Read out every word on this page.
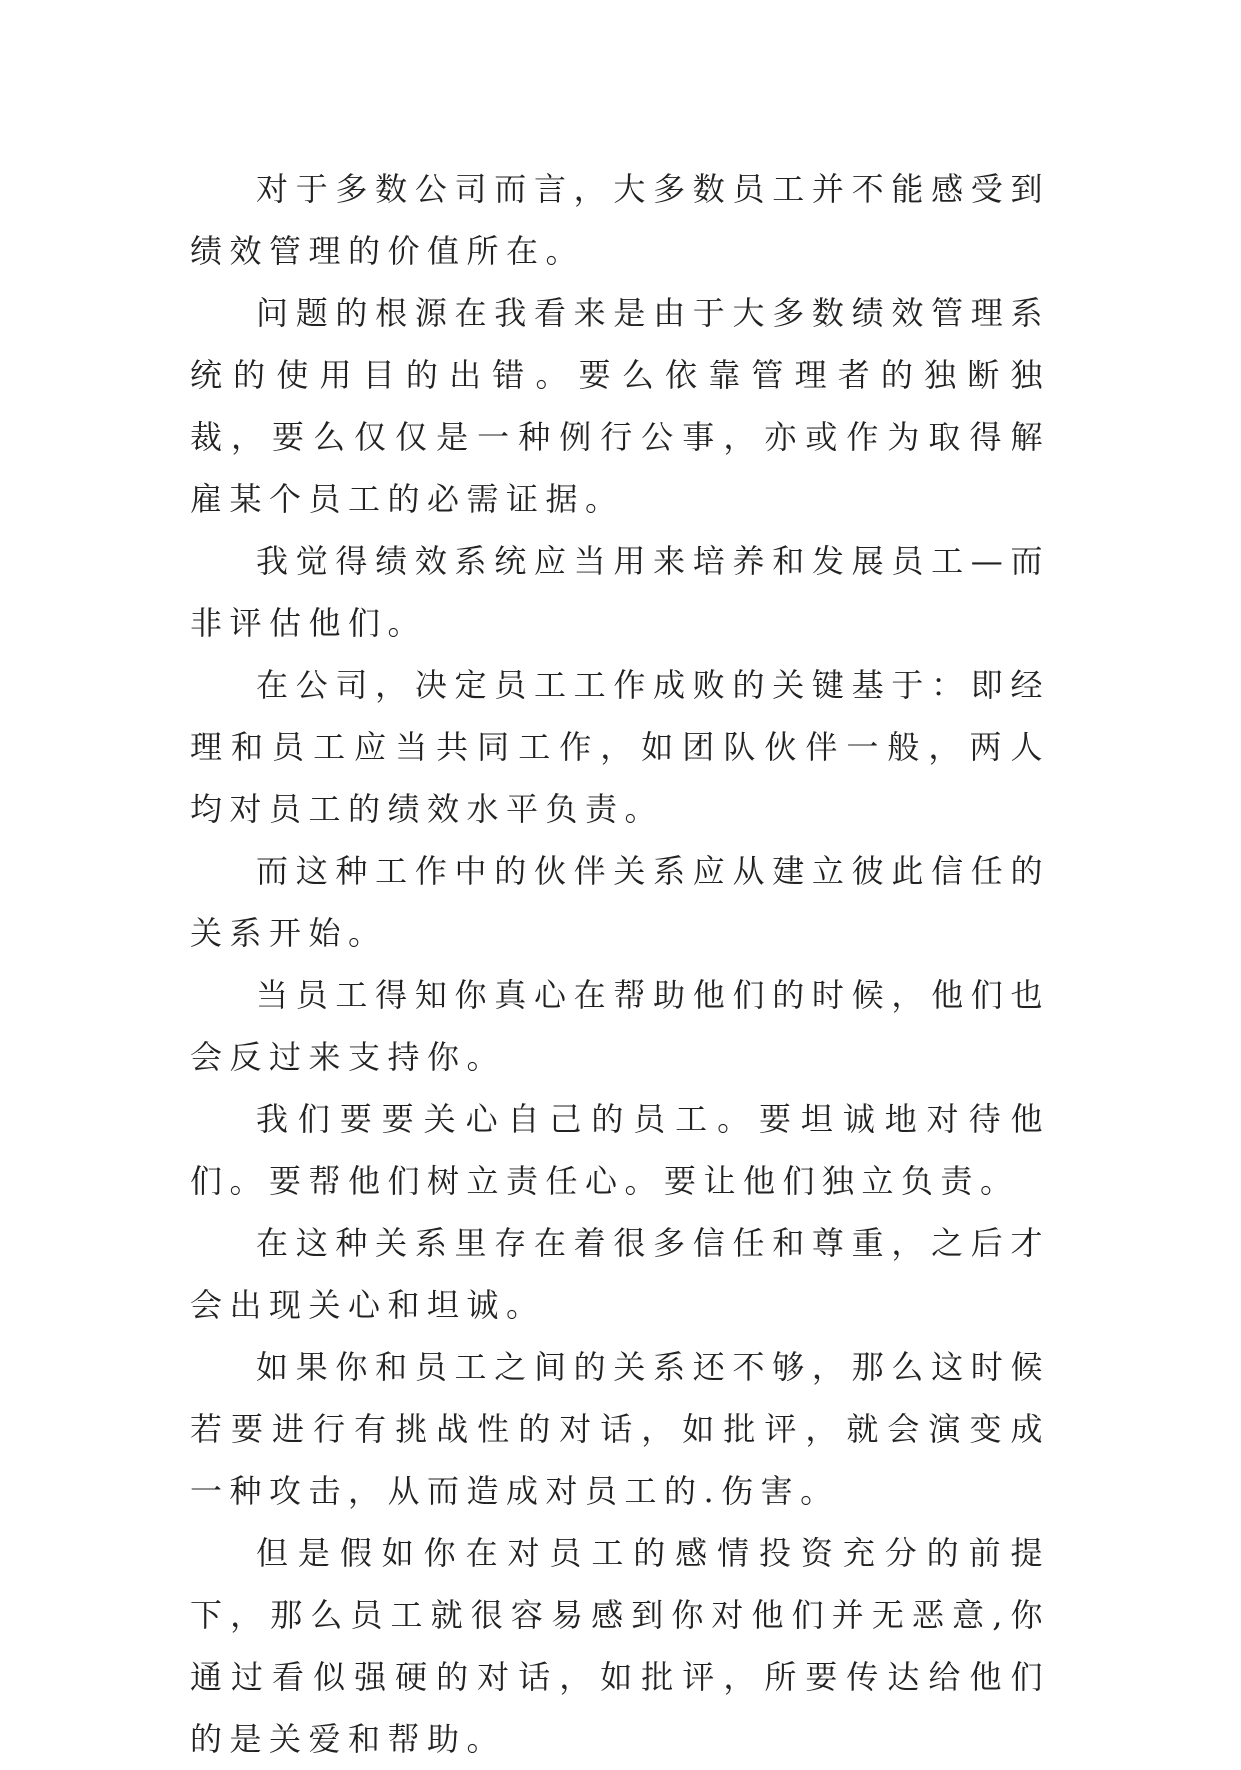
对于多数公司而言，大多数员工并不能感受到绩效管理的价值所在。

问题的根源在我看来是由于大多数绩效管理系统的使用目的出错。要么依靠管理者的独断独裁，要么仅仅是一种例行公事，亦或作为取得解雇某个员工的必需证据。

我觉得绩效系统应当用来培养和发展员工—而非评估他们。

在公司，决定员工工作成败的关键基于：即经理和员工应当共同工作，如团队伙伴一般，两人均对员工的绩效水平负责。

而这种工作中的伙伴关系应从建立彼此信任的关系开始。

当员工得知你真心在帮助他们的时候，他们也会反过来支持你。

我们要要关心自己的员工。要坦诚地对待他们。要帮他们树立责任心。要让他们独立负责。

在这种关系里存在着很多信任和尊重，之后才会出现关心和坦诚。

如果你和员工之间的关系还不够，那么这时候若要进行有挑战性的对话，如批评，就会演变成一种攻击，从而造成对员工的.伤害。

但是假如你在对员工的感情投资充分的前提下，那么员工就很容易感到你对他们并无恶意,你通过看似强硬的对话，如批评，所要传达给他们的是关爱和帮助。
